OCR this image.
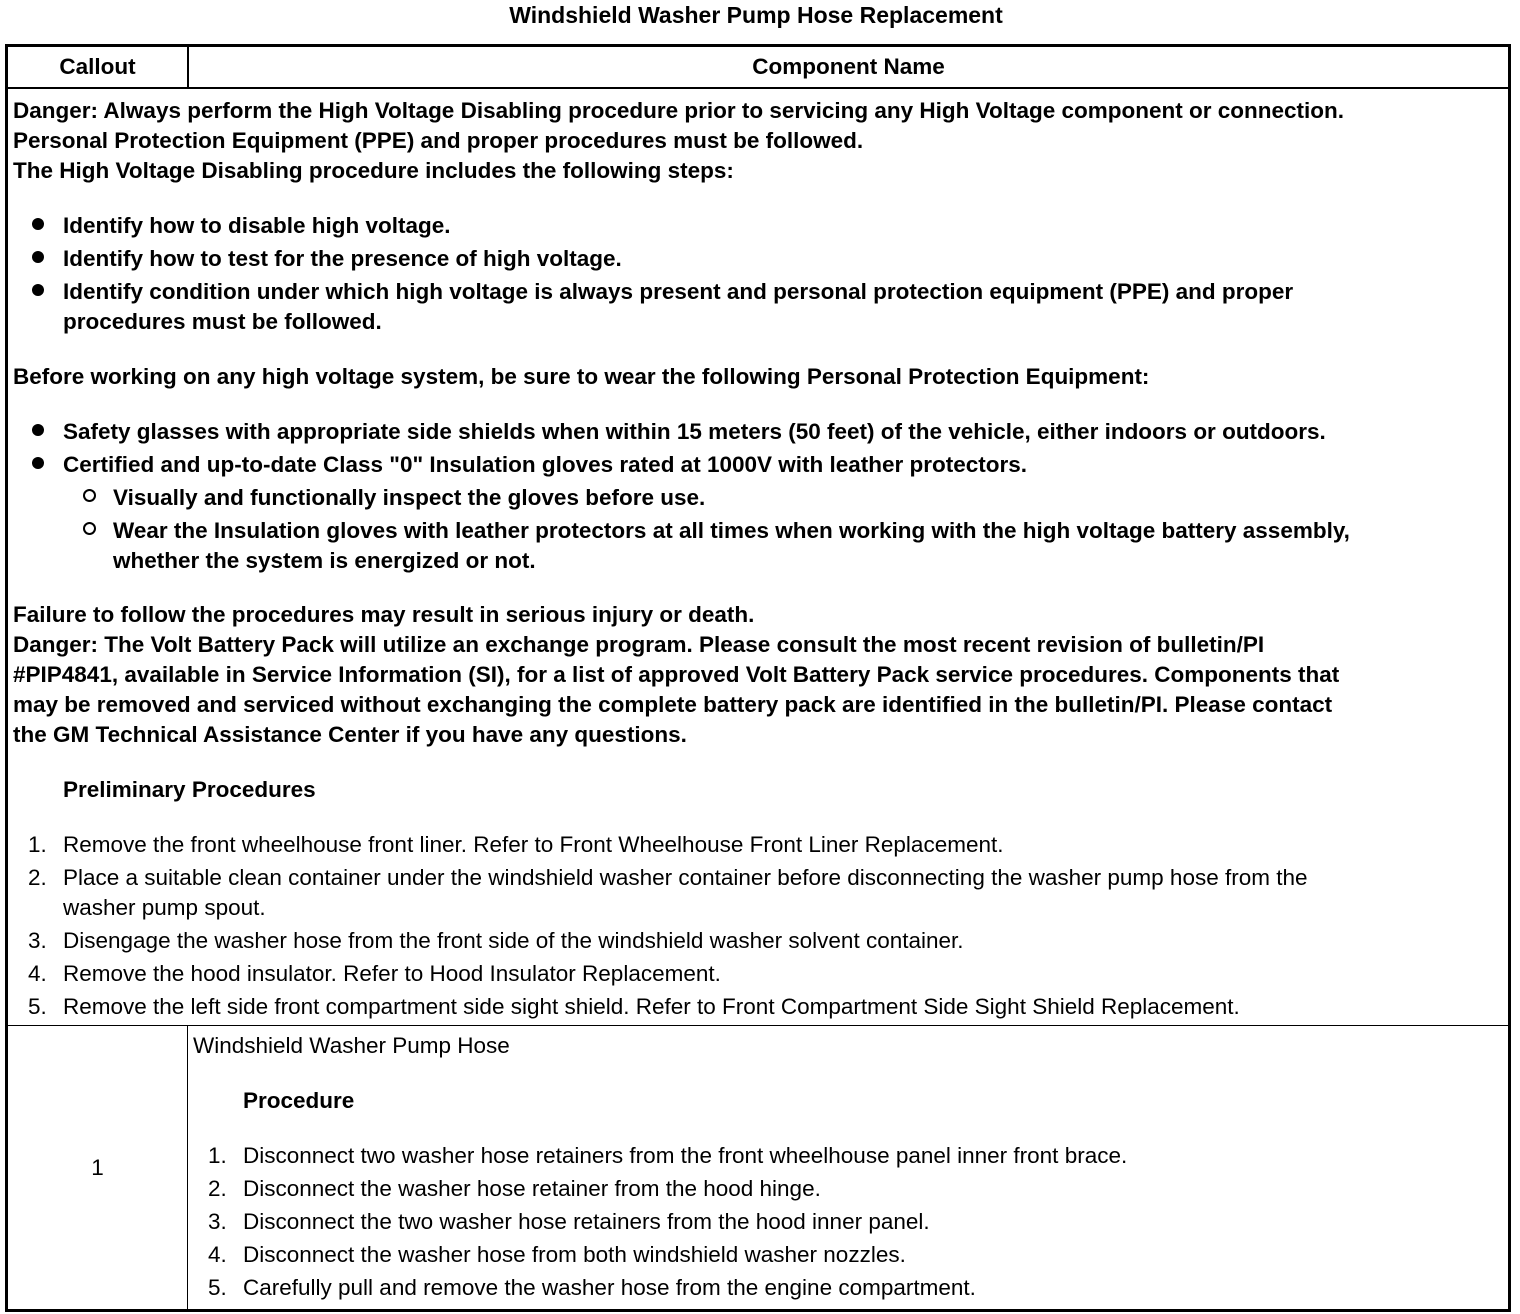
Windshield Washer Pump Hose Replacement
Callout	Component Name
Danger: Always perform the High Voltage Disabling procedure prior to servicing any High Voltage component or connection.
Personal Protection Equipment (PPE) and proper procedures must be followed.
The High Voltage Disabling procedure includes the following steps:
Identify how to disable high voltage.
Identify how to test for the presence of high voltage.
Identify condition under which high voltage is always present and personal protection equipment (PPE) and proper
procedures must be followed.
Before working on any high voltage system, be sure to wear the following Personal Protection Equipment:
Safety glasses with appropriate side shields when within 15 meters (50 feet) of the vehicle, either indoors or outdoors.
Certified and up-to-date Class "0" Insulation gloves rated at 1000V with leather protectors.
Visually and functionally inspect the gloves before use.
Wear the Insulation gloves with leather protectors at all times when working with the high voltage battery assembly,
whether the system is energized or not.
Failure to follow the procedures may result in serious injury or death.
Danger: The Volt Battery Pack will utilize an exchange program. Please consult the most recent revision of bulletin/PI
#PIP4841, available in Service Information (SI), for a list of approved Volt Battery Pack service procedures. Components that
may be removed and serviced without exchanging the complete battery pack are identified in the bulletin/PI. Please contact
the GM Technical Assistance Center if you have any questions.
Preliminary Procedures
1. Remove the front wheelhouse front liner. Refer to Front Wheelhouse Front Liner Replacement.
2. Place a suitable clean container under the windshield washer container before disconnecting the washer pump hose from the
washer pump spout.
3. Disengage the washer hose from the front side of the windshield washer solvent container.
4. Remove the hood insulator. Refer to Hood Insulator Replacement.
5. Remove the left side front compartment side sight shield. Refer to Front Compartment Side Sight Shield Replacement.
1
Windshield Washer Pump Hose
Procedure
1. Disconnect two washer hose retainers from the front wheelhouse panel inner front brace.
2. Disconnect the washer hose retainer from the hood hinge.
3. Disconnect the two washer hose retainers from the hood inner panel.
4. Disconnect the washer hose from both windshield washer nozzles.
5. Carefully pull and remove the washer hose from the engine compartment.
